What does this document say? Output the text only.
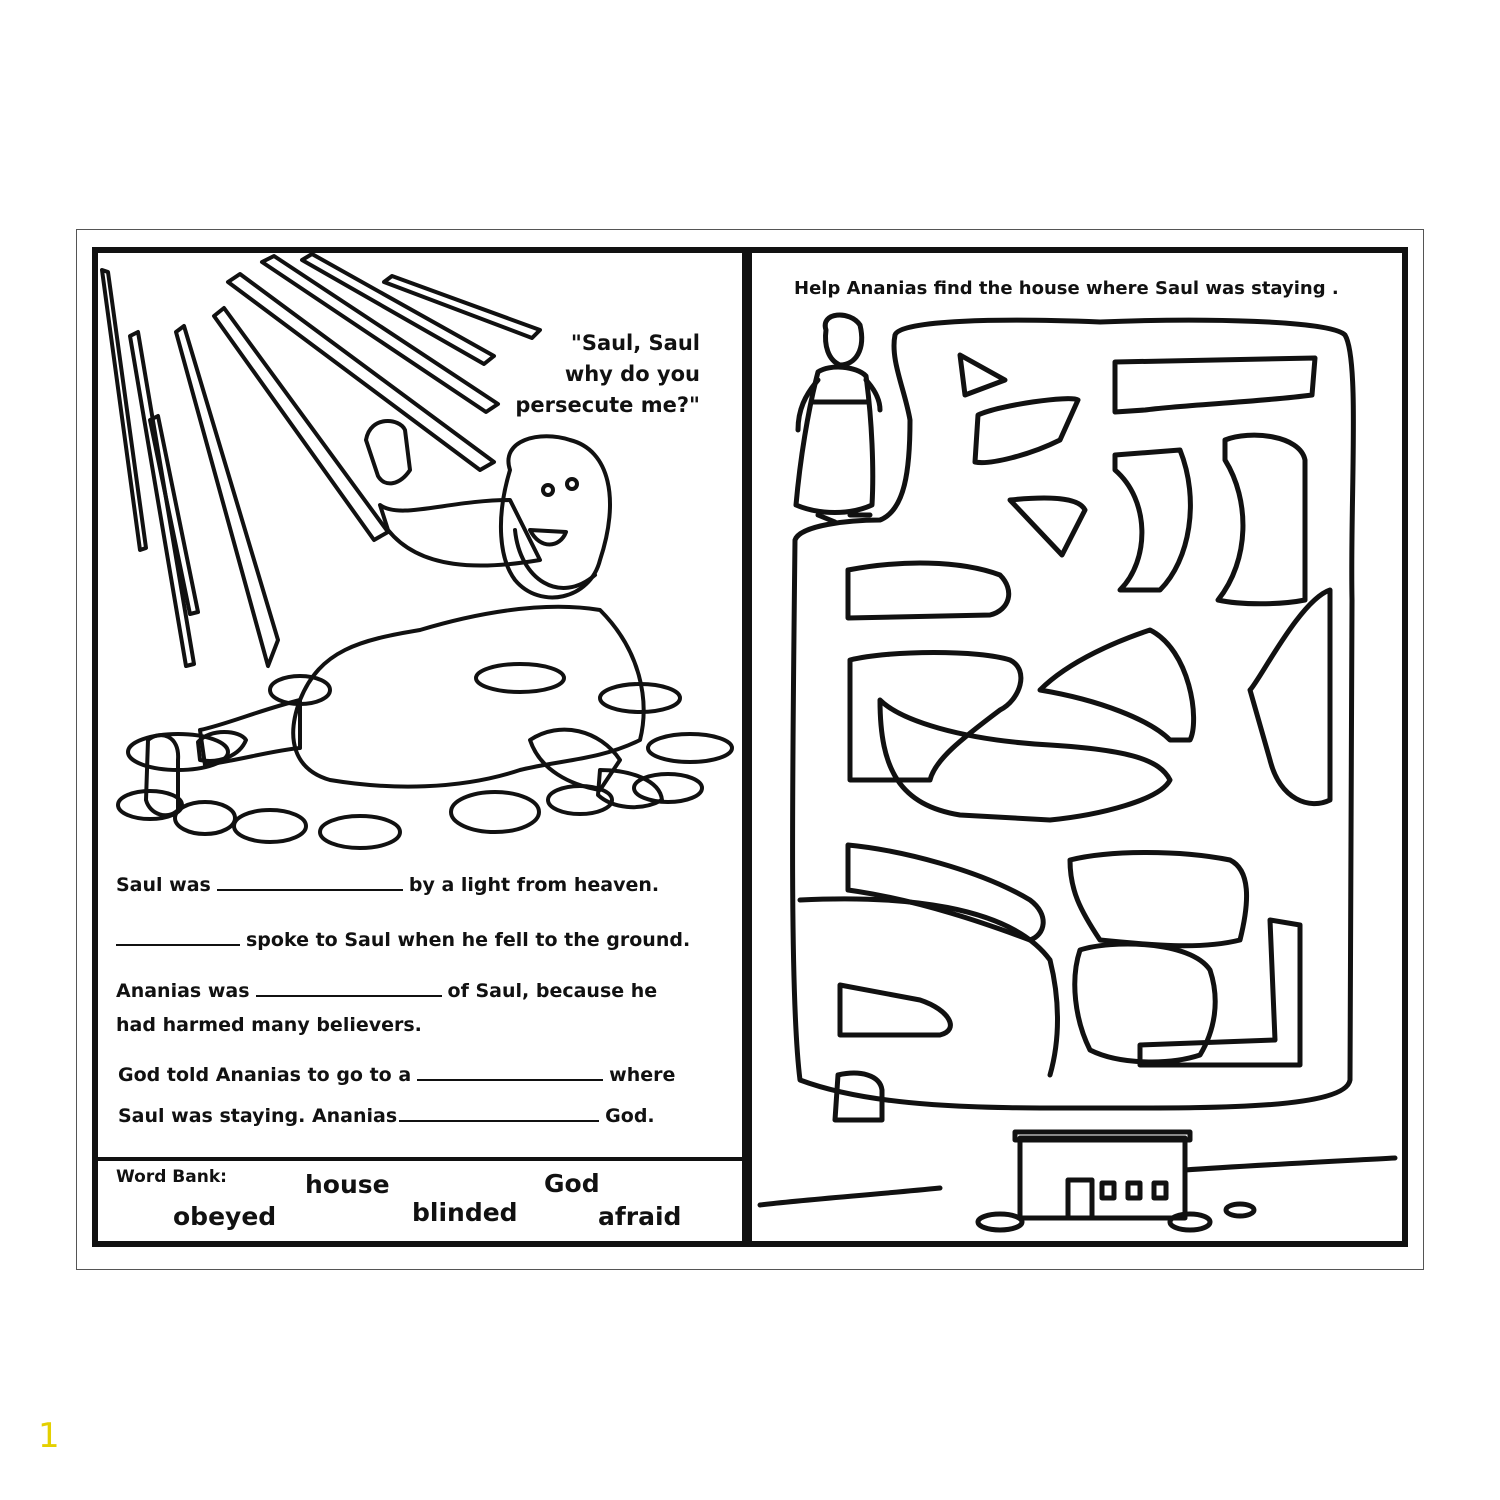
"Saul, Saul
why do you
persecute me?"
Saul was	by a light from heaven.
spoke to Saul when he fell to the ground.
Ananias was	of Saul, because he
had harmed many believers.
God told Ananias to go to a	where
Saul was staying. Ananias	God.
Word Bank:	house	God
obeyed	blinded	afraid
Help Ananias find the house where Saul was staying .
1
